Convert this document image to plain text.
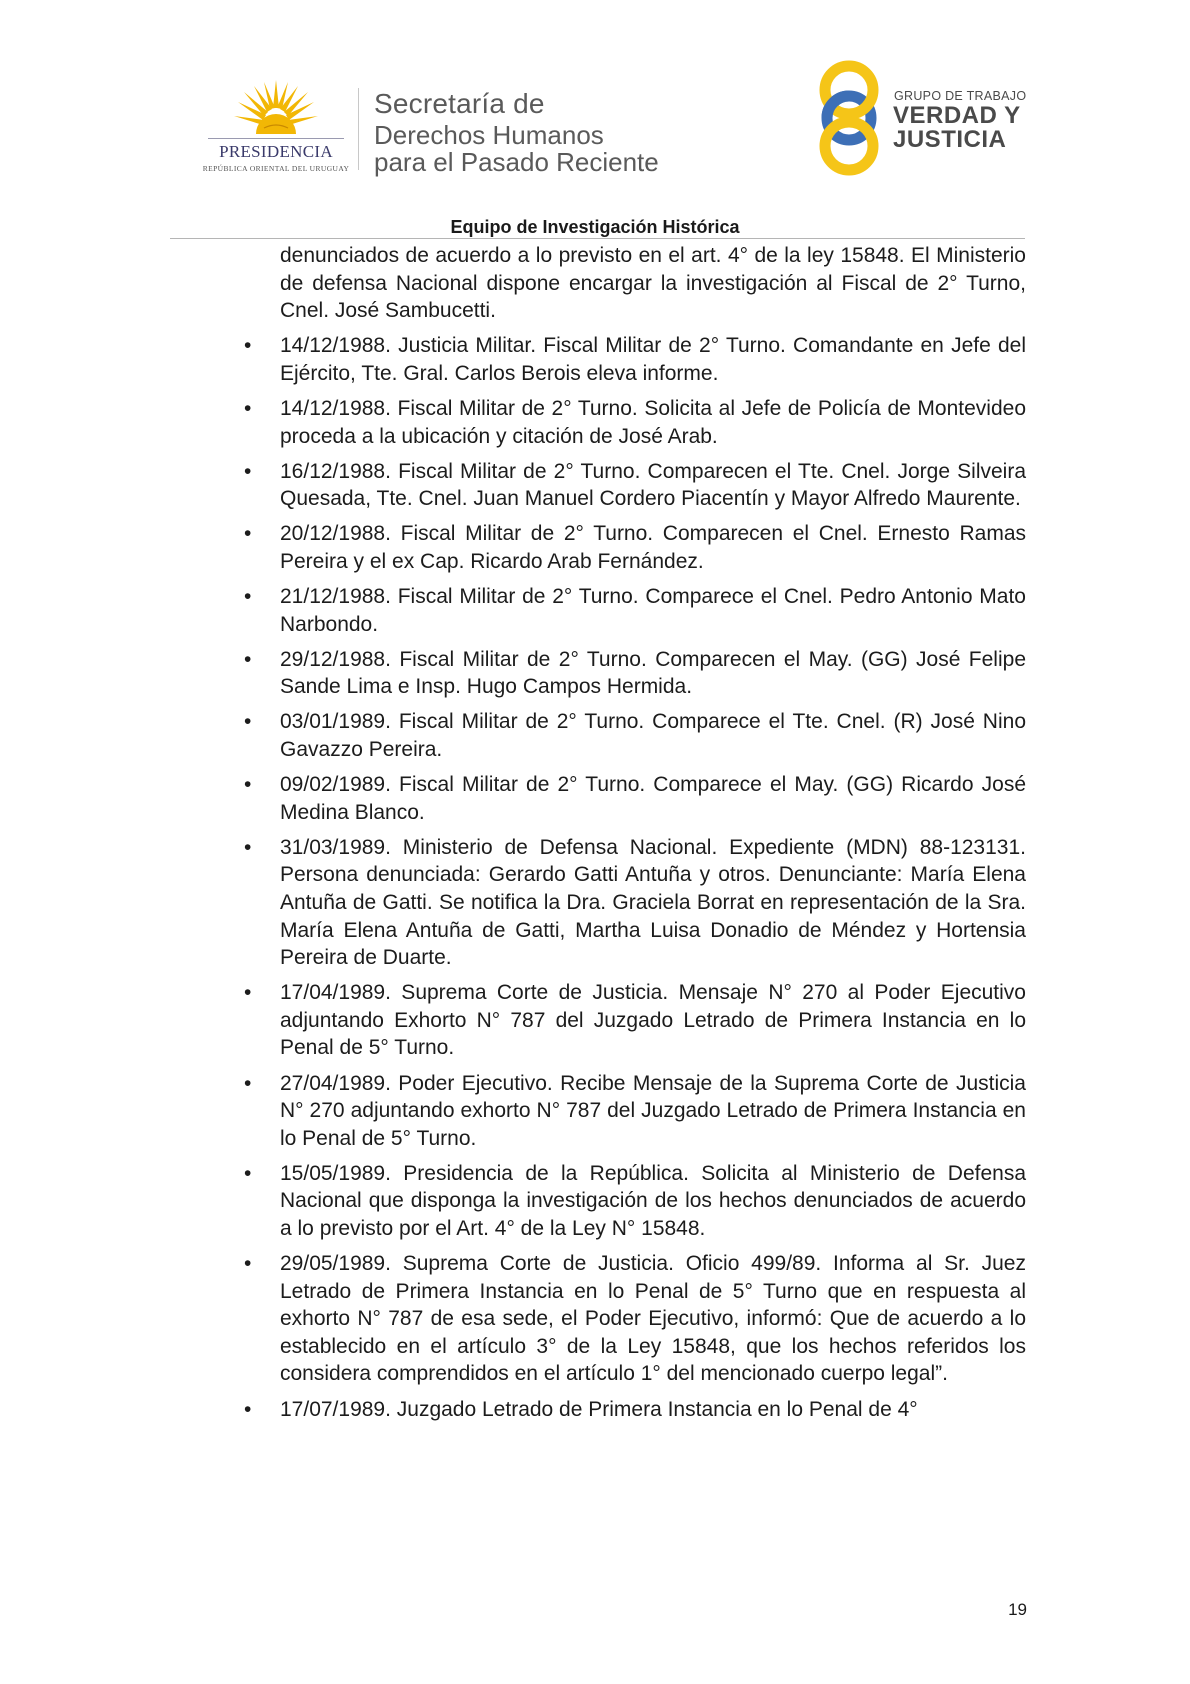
PRESIDENCIA
REPÚBLICA ORIENTAL DEL URUGUAY
Secretaría de
Derechos Humanos
para el Pasado Reciente
GRUPO DE TRABAJO
VERDAD Y
JUSTICIA
Equipo de Investigación Histórica

denunciados de acuerdo a lo previsto en el art. 4° de la ley 15848. El Ministerio de defensa Nacional dispone encargar la investigación al Fiscal de 2° Turno, Cnel. José Sambucetti.

• 14/12/1988. Justicia Militar. Fiscal Militar de 2° Turno. Comandante en Jefe del Ejército, Tte. Gral. Carlos Berois eleva informe.
• 14/12/1988. Fiscal Militar de 2° Turno. Solicita al Jefe de Policía de Montevideo proceda a la ubicación y citación de José Arab.
• 16/12/1988. Fiscal Militar de 2° Turno. Comparecen el Tte. Cnel. Jorge Silveira Quesada, Tte. Cnel. Juan Manuel Cordero Piacentín y Mayor Alfredo Maurente.
• 20/12/1988. Fiscal Militar de 2° Turno. Comparecen el Cnel. Ernesto Ramas Pereira y el ex Cap. Ricardo Arab Fernández.
• 21/12/1988. Fiscal Militar de 2° Turno. Comparece el Cnel. Pedro Antonio Mato Narbondo.
• 29/12/1988. Fiscal Militar de 2° Turno. Comparecen el May. (GG) José Felipe Sande Lima e Insp. Hugo Campos Hermida.
• 03/01/1989. Fiscal Militar de 2° Turno. Comparece el Tte. Cnel. (R) José Nino Gavazzo Pereira.
• 09/02/1989. Fiscal Militar de 2° Turno. Comparece el May. (GG) Ricardo José Medina Blanco.
• 31/03/1989. Ministerio de Defensa Nacional. Expediente (MDN) 88-123131. Persona denunciada: Gerardo Gatti Antuña y otros. Denunciante: María Elena Antuña de Gatti. Se notifica la Dra. Graciela Borrat en representación de la Sra. María Elena Antuña de Gatti, Martha Luisa Donadio de Méndez y Hortensia Pereira de Duarte.
• 17/04/1989. Suprema Corte de Justicia. Mensaje N° 270 al Poder Ejecutivo adjuntando Exhorto N° 787 del Juzgado Letrado de Primera Instancia en lo Penal de 5° Turno.
• 27/04/1989. Poder Ejecutivo. Recibe Mensaje de la Suprema Corte de Justicia N° 270 adjuntando exhorto N° 787 del Juzgado Letrado de Primera Instancia en lo Penal de 5° Turno.
• 15/05/1989. Presidencia de la República. Solicita al Ministerio de Defensa Nacional que disponga la investigación de los hechos denunciados de acuerdo a lo previsto por el Art. 4° de la Ley N° 15848.
• 29/05/1989. Suprema Corte de Justicia. Oficio 499/89. Informa al Sr. Juez Letrado de Primera Instancia en lo Penal de 5° Turno que en respuesta al exhorto N° 787 de esa sede, el Poder Ejecutivo, informó: Que de acuerdo a lo establecido en el artículo 3° de la Ley 15848, que los hechos referidos los considera comprendidos en el artículo 1° del mencionado cuerpo legal”.
• 17/07/1989. Juzgado Letrado de Primera Instancia en lo Penal de 4°
19
